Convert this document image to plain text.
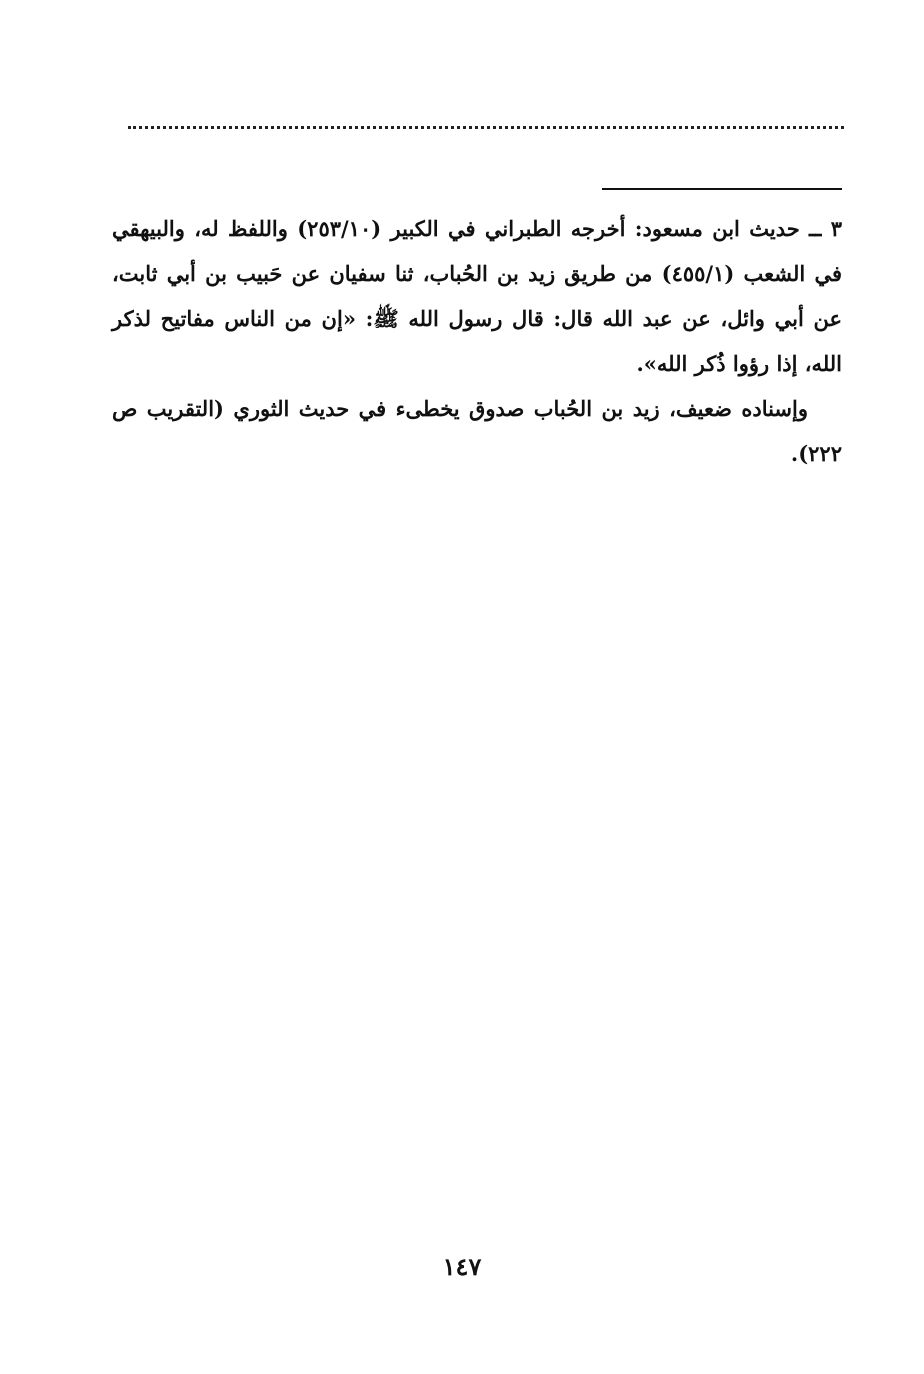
٣ ــ حديث ابن مسعود: أخرجه الطبراني في الكبير (٢٥٣/١٠) واللفظ له، والبيهقي في الشعب (٤٥٥/١) من طريق زيد بن الحُباب، ثنا سفيان عن حَبيب بن أبي ثابت، عن أبي وائل، عن عبد الله قال: قال رسول الله ﷺ: «إن من الناس مفاتيح لذكر الله، إذا رؤوا ذُكر الله».

وإسناده ضعيف، زيد بن الحُباب صدوق يخطىء في حديث الثوري (التقريب ص ٢٢٢).

١٤٧
